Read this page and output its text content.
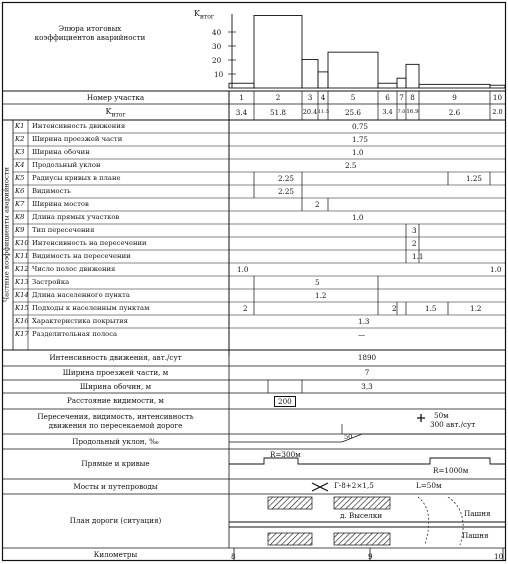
Эпюра итоговых коэффициентов аварийности
$K_{итог}$
40
30
20
10
Номер участка
$K_{итог}$
1	2	3	4	5	6	7 8	9	10
3.4	51.8	20.4 11.5	25.6	3.4 7.0 16.9	2.6	2.0
Частные коэффициенты аварийности
K1 Интенсивность движения	0.75
K2 Ширина проезжей части	1.75
K3 Ширина обочин	1.0
K4 Продольный уклон	2.5
K5 Радиусы кривых в плане	2.25	1.25
K6 Видимость	2.25
K7 Ширина мостов	2
K8 Длина прямых участков	1.0
K9 Тип пересечения	3
K10 Интенсивность на пересечении	2
K11 Видимость на пересечении	1.1
K12 Число полос движения	1.0	1.0
K13 Застройка	5
K14 Длина населенного пункта	1.2
K15 Подходы к населенным пунктам	2	2	1.5	1.2
K16 Характеристика покрытия	1.3
K17 Разделительная полоса	—
Интенсивность движения, авт./сут	1890
Ширина проезжей части, м	7
Ширина обочин, м	3,3
Расстояние видимости, м	200
Пересечения, видимость, интенсивность
движения по пересекаемой дороге
50м
300 авт./сут
Продольный уклон, ‰	50
Прямые и кривые
R=300м
R=1000м
Мосты и путепроводы	Г-8+2×1,5	L=50м
План дороги (ситуация)
д. Выселки	Пашня
Пашня
Километры	8	9	10
